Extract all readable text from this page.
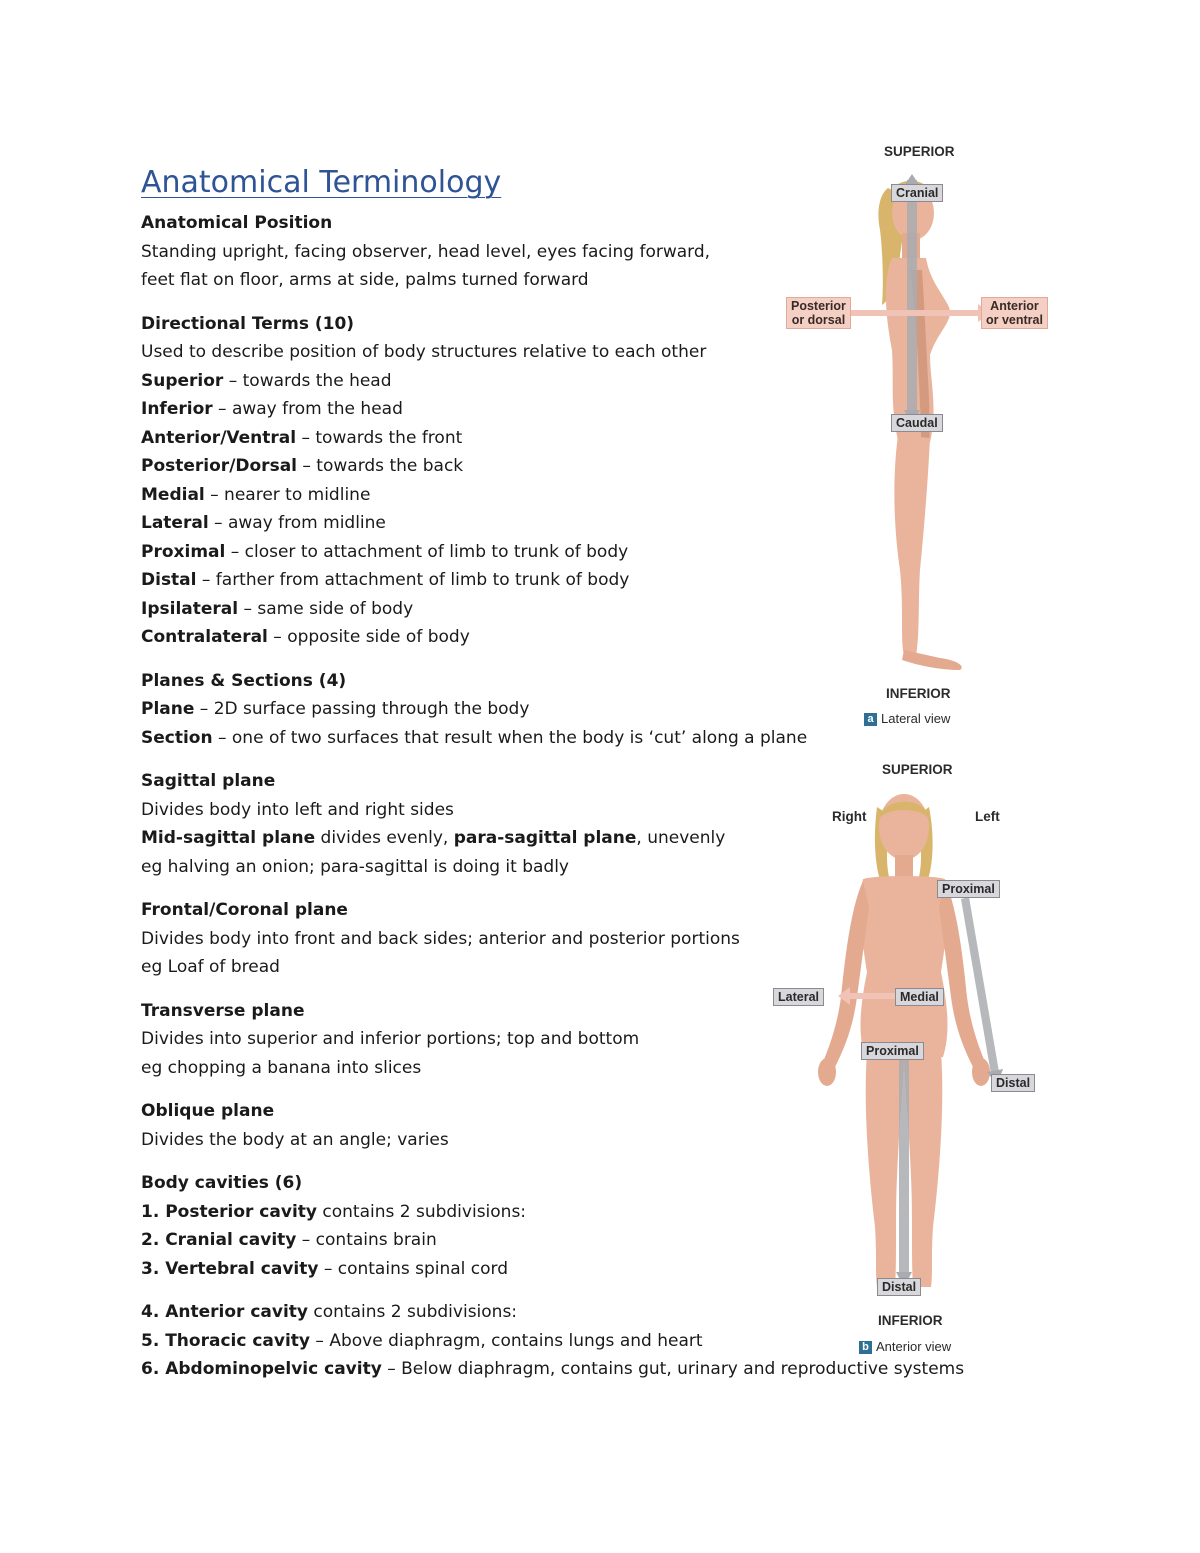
Anatomical Terminology

Anatomical Position

Standing upright, facing observer, head level, eyes facing forward,

feet flat on floor, arms at side, palms turned forward

Directional Terms (10)

Used to describe position of body structures relative to each other

Superior – towards the head

Inferior – away from the head

Anterior/Ventral – towards the front

Posterior/Dorsal – towards the back

Medial – nearer to midline

Lateral – away from midline

Proximal – closer to attachment of limb to trunk of body

Distal – farther from attachment of limb to trunk of body

Ipsilateral – same side of body

Contralateral – opposite side of body

Planes & Sections (4)

Plane – 2D surface passing through the body

Section – one of two surfaces that result when the body is ‘cut’ along a plane

Sagittal plane

Divides body into left and right sides

Mid-sagittal plane divides evenly, para-sagittal plane, unevenly

eg halving an onion; para-sagittal is doing it badly

Frontal/Coronal plane

Divides body into front and back sides; anterior and posterior portions

eg Loaf of bread

Transverse plane

Divides into superior and inferior portions; top and bottom

eg chopping a banana into slices

Oblique plane

Divides the body at an angle; varies

Body cavities (6)

1. Posterior cavity contains 2 subdivisions:

2. Cranial cavity – contains brain

3. Vertebral cavity – contains spinal cord

4. Anterior cavity contains 2 subdivisions:

5. Thoracic cavity – Above diaphragm, contains lungs and heart

6. Abdominopelvic cavity – Below diaphragm, contains gut, urinary and reproductive systems

SUPERIOR
Cranial
Posterior
or dorsal
Anterior
or ventral
Caudal
INFERIOR
a Lateral view
SUPERIOR
Right	Left
Proximal
Lateral	Medial
Proximal
Distal
Distal
INFERIOR
b Anterior view
